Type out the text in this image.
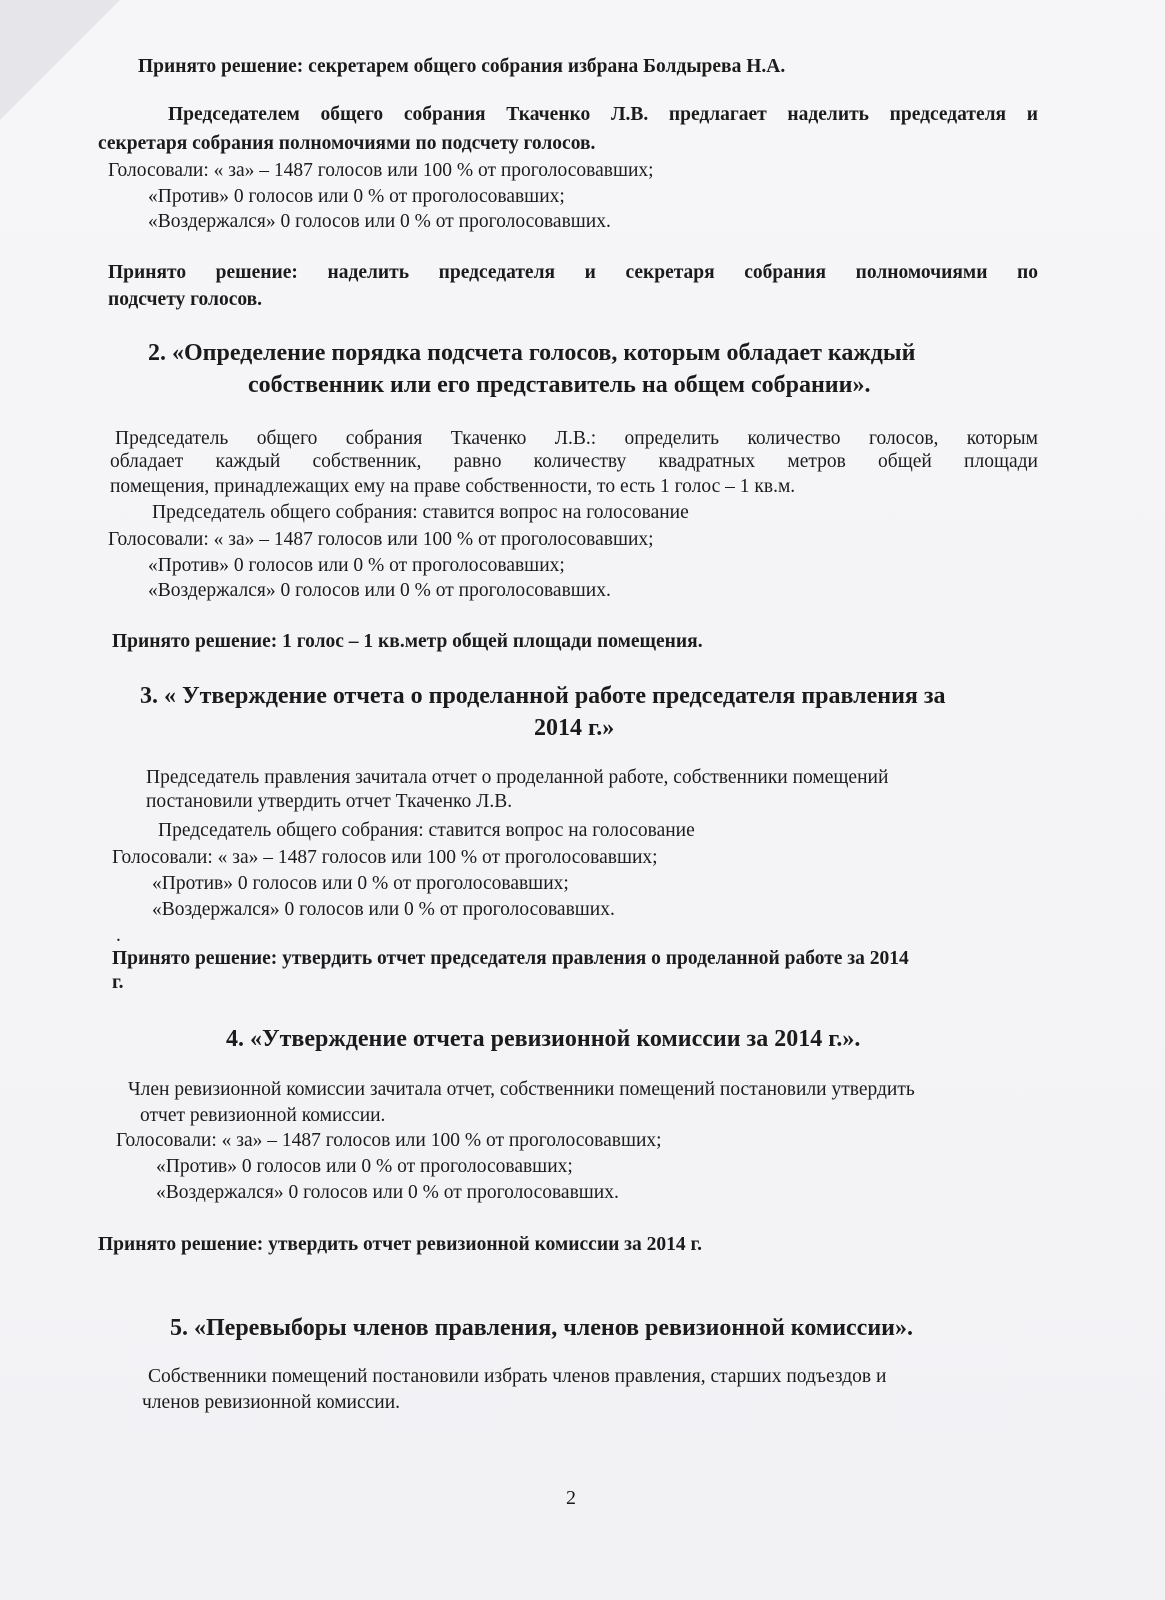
Принято решение: секретарем общего собрания избрана Болдырева Н.А.
Председателем общего собрания Ткаченко Л.В. предлагает наделить председателя и
секретаря собрания полномочиями по подсчету голосов.
Голосовали: « за» – 1487 голосов или 100 % от проголосовавших;
«Против» 0 голосов или 0 % от проголосовавших;
«Воздержался» 0 голосов или 0 % от проголосовавших.
Принято решение: наделить председателя и секретаря собрания полномочиями по
подсчету голосов.
2. «Определение порядка подсчета голосов, которым обладает каждый
собственник или его представитель на общем собрании».
Председатель общего собрания Ткаченко Л.В.: определить количество голосов, которым
обладает каждый собственник, равно количеству квадратных метров общей площади
помещения, принадлежащих ему на праве собственности, то есть 1 голос – 1 кв.м.
Председатель общего собрания: ставится вопрос на голосование
Голосовали: « за» – 1487 голосов или 100 % от проголосовавших;
«Против» 0 голосов или 0 % от проголосовавших;
«Воздержался» 0 голосов или 0 % от проголосовавших.
Принято решение: 1 голос – 1 кв.метр общей площади помещения.
3. « Утверждение отчета о проделанной работе председателя правления за
2014 г.»
Председатель правления зачитала отчет о проделанной работе, собственники помещений
постановили утвердить отчет Ткаченко Л.В.
Председатель общего собрания: ставится вопрос на голосование
Голосовали: « за» – 1487 голосов или 100 % от проголосовавших;
«Против» 0 голосов или 0 % от проголосовавших;
«Воздержался» 0 голосов или 0 % от проголосовавших.
.
Принято решение: утвердить отчет председателя правления о проделанной работе за 2014
г.
4. «Утверждение отчета ревизионной комиссии за 2014 г.».
Член ревизионной комиссии зачитала отчет, собственники помещений постановили утвердить
отчет ревизионной комиссии.
Голосовали: « за» – 1487 голосов или 100 % от проголосовавших;
«Против» 0 голосов или 0 % от проголосовавших;
«Воздержался» 0 голосов или 0 % от проголосовавших.
Принято решение: утвердить отчет ревизионной комиссии за 2014 г.
5. «Перевыборы членов правления, членов ревизионной комиссии».
Собственники помещений постановили избрать членов правления, старших подъездов и
членов ревизионной комиссии.
2
